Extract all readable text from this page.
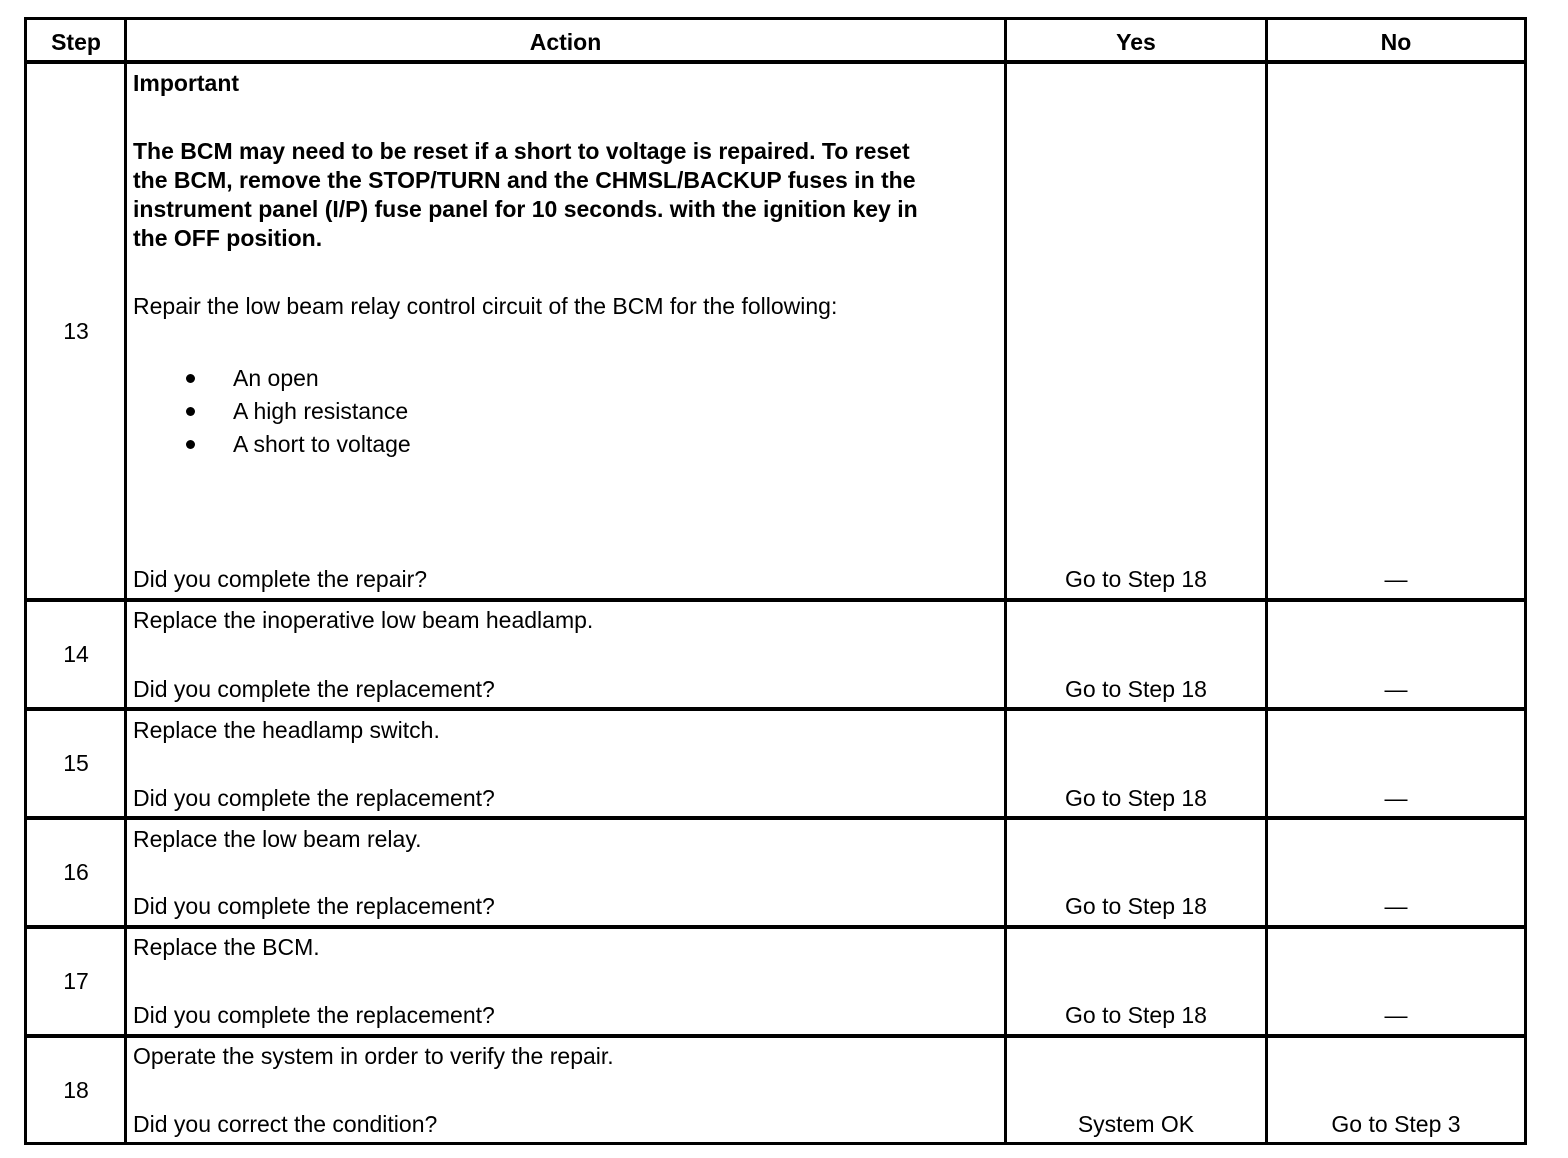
Step	Action	Yes	No
13
Important
The BCM may need to be reset if a short to voltage is repaired. To reset
the BCM, remove the STOP/TURN and the CHMSL/BACKUP fuses in the
instrument panel (I/P) fuse panel for 10 seconds. with the ignition key in
the OFF position.
Repair the low beam relay control circuit of the BCM for the following:
An open
A high resistance
A short to voltage
Did you complete the repair?	Go to Step 18	—
14
Replace the inoperative low beam headlamp.
Did you complete the replacement?	Go to Step 18	—
15
Replace the headlamp switch.
Did you complete the replacement?	Go to Step 18	—
16
Replace the low beam relay.
Did you complete the replacement?	Go to Step 18	—
17
Replace the BCM.
Did you complete the replacement?	Go to Step 18	—
18
Operate the system in order to verify the repair.
Did you correct the condition?	System OK	Go to Step 3
